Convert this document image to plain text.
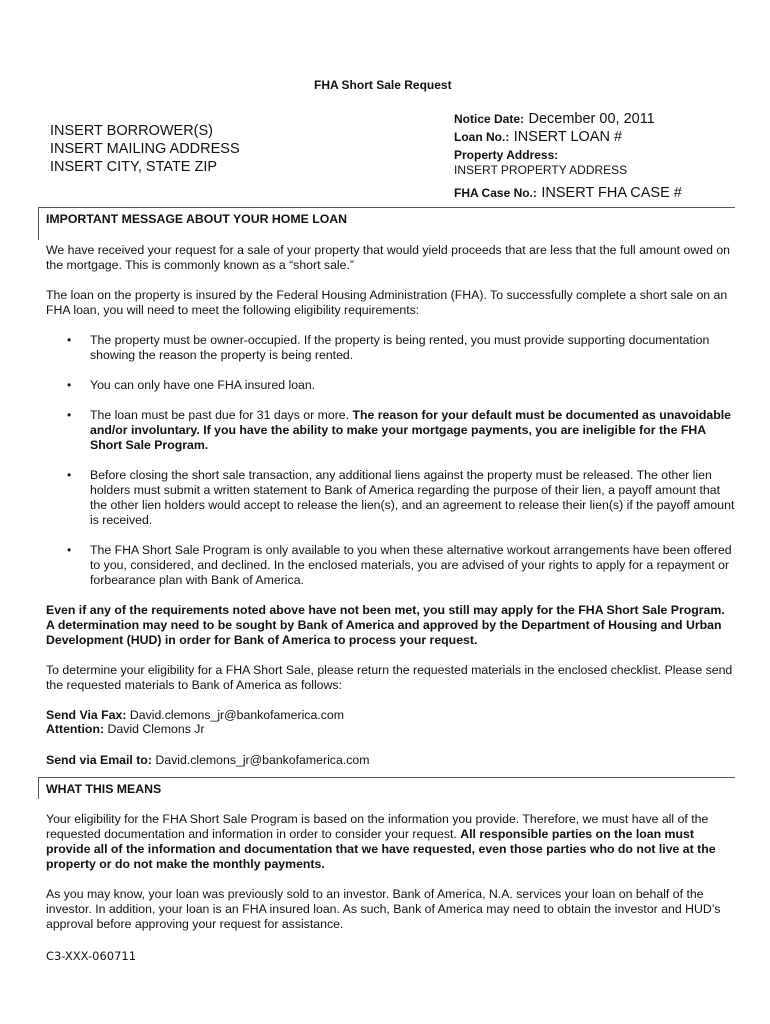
FHA Short Sale Request
INSERT BORROWER(S)
INSERT MAILING ADDRESS
INSERT CITY, STATE ZIP
Notice Date: December 00, 2011
Loan No.: INSERT LOAN #
Property Address:
INSERT PROPERTY ADDRESS
FHA Case No.: INSERT FHA CASE #
IMPORTANT MESSAGE ABOUT YOUR HOME LOAN

We have received your request for a sale of your property that would yield proceeds that are less that the full amount owed on the mortgage. This is commonly known as a “short sale.”

The loan on the property is insured by the Federal Housing Administration (FHA). To successfully complete a short sale on an FHA loan, you will need to meet the following eligibility requirements:

• The property must be owner-occupied. If the property is being rented, you must provide supporting documentation showing the reason the property is being rented.
• You can only have one FHA insured loan.
• The loan must be past due for 31 days or more. The reason for your default must be documented as unavoidable and/or involuntary. If you have the ability to make your mortgage payments, you are ineligible for the FHA Short Sale Program.
• Before closing the short sale transaction, any additional liens against the property must be released. The other lien holders must submit a written statement to Bank of America regarding the purpose of their lien, a payoff amount that the other lien holders would accept to release the lien(s), and an agreement to release their lien(s) if the payoff amount is received.
• The FHA Short Sale Program is only available to you when these alternative workout arrangements have been offered to you, considered, and declined. In the enclosed materials, you are advised of your rights to apply for a repayment or forbearance plan with Bank of America.

Even if any of the requirements noted above have not been met, you still may apply for the FHA Short Sale Program. A determination may need to be sought by Bank of America and approved by the Department of Housing and Urban Development (HUD) in order for Bank of America to process your request.

To determine your eligibility for a FHA Short Sale, please return the requested materials in the enclosed checklist. Please send the requested materials to Bank of America as follows:

Send Via Fax: David.clemons_jr@bankofamerica.com
Attention: David Clemons Jr
Send via Email to: David.clemons_jr@bankofamerica.com
WHAT THIS MEANS

Your eligibility for the FHA Short Sale Program is based on the information you provide. Therefore, we must have all of the requested documentation and information in order to consider your request. All responsible parties on the loan must provide all of the information and documentation that we have requested, even those parties who do not live at the property or do not make the monthly payments.

As you may know, your loan was previously sold to an investor. Bank of America, N.A. services your loan on behalf of the investor. In addition, your loan is an FHA insured loan. As such, Bank of America may need to obtain the investor and HUD’s approval before approving your request for assistance.

C3-XXX-060711
